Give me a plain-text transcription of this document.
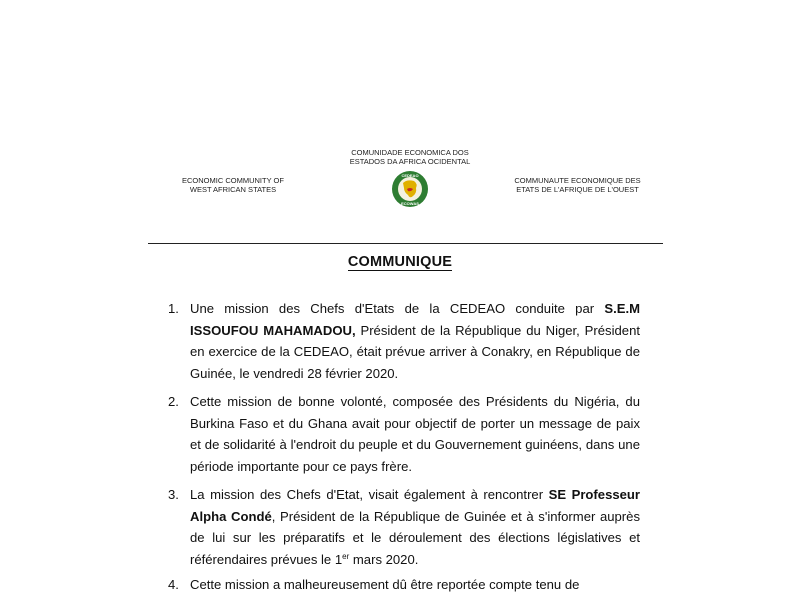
ECONOMIC COMMUNITY OF
WEST AFRICAN STATES
COMUNIDADE ECONOMICA DOS
ESTADOS DA AFRICA OCIDENTAL
COMMUNAUTE ECONOMIQUE DES
ETATS DE L'AFRIQUE DE L'OUEST
CEDEAO
ECOWAS
COMMUNIQUE
1. Une mission des Chefs d'Etats de la CEDEAO conduite par S.E.M ISSOUFOU MAHAMADOU, Président de la République du Niger, Président en exercice de la CEDEAO, était prévue arriver à Conakry, en République de Guinée, le vendredi 28 février 2020.
2. Cette mission de bonne volonté, composée des Présidents du Nigéria, du Burkina Faso et du Ghana avait pour objectif de porter un message de paix et de solidarité à l'endroit du peuple et du Gouvernement guinéens, dans une période importante pour ce pays frère.
3. La mission des Chefs d'Etat, visait également à rencontrer SE Professeur Alpha Condé, Président de la République de Guinée et à s'informer auprès de lui sur les préparatifs et le déroulement des élections législatives et référendaires prévues le 1er mars 2020.
4. Cette mission a malheureusement dû être reportée compte tenu de
